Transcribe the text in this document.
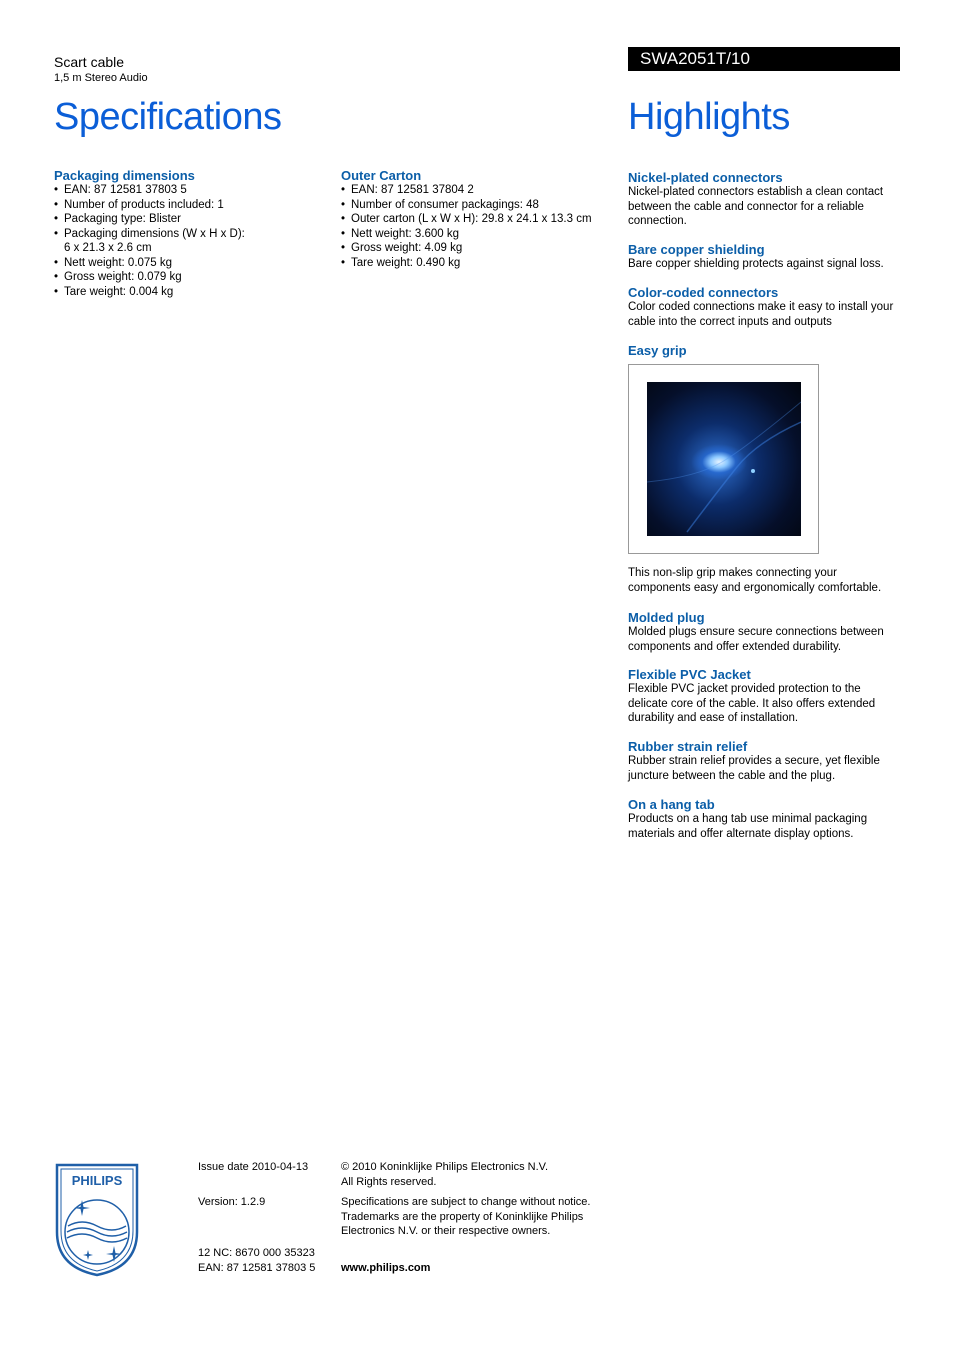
Scart cable
1,5 m Stereo Audio
SWA2051T/10
Specifications	Highlights
Packaging dimensions
• EAN: 87 12581 37803 5
• Number of products included: 1
• Packaging type: Blister
• Packaging dimensions (W x H x D):
6 x 21.3 x 2.6 cm
• Nett weight: 0.075 kg
• Gross weight: 0.079 kg
• Tare weight: 0.004 kg
Outer Carton
• EAN: 87 12581 37804 2
• Number of consumer packagings: 48
• Outer carton (L x W x H): 29.8 x 24.1 x 13.3 cm
• Nett weight: 3.600 kg
• Gross weight: 4.09 kg
• Tare weight: 0.490 kg
Nickel-plated connectors

Nickel-plated connectors establish a clean contact between the cable and connector for a reliable connection.

Bare copper shielding

Bare copper shielding protects against signal loss.

Color-coded connectors

Color coded connections make it easy to install your cable into the correct inputs and outputs

Easy grip

This non-slip grip makes connecting your components easy and ergonomically comfortable.

Molded plug

Molded plugs ensure secure connections between components and offer extended durability.

Flexible PVC Jacket

Flexible PVC jacket provided protection to the delicate core of the cable. It also offers extended durability and ease of installation.

Rubber strain relief

Rubber strain relief provides a secure, yet flexible juncture between the cable and the plug.

On a hang tab

Products on a hang tab use minimal packaging materials and offer alternate display options.

PHILIPS
Issue date 2010-04-13
Version: 1.2.9
12 NC: 8670 000 35323
EAN: 87 12581 37803 5
© 2010 Koninklijke Philips Electronics N.V.
All Rights reserved.
Specifications are subject to change without notice.
Trademarks are the property of Koninklijke Philips
Electronics N.V. or their respective owners.
www.philips.com
